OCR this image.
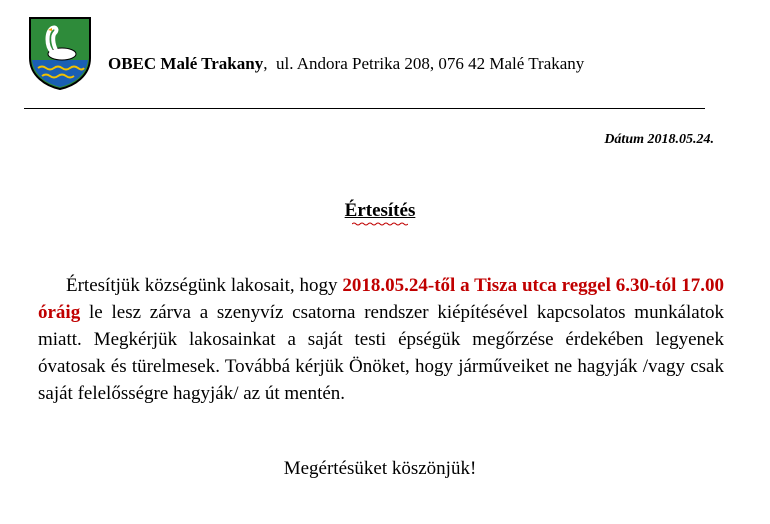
OBEC Malé Trakany,  ul. Andora Petrika 208, 076 42 Malé Trakany
Dátum 2018.05.24.
Értesítés
Értesítjük községünk lakosait, hogy 2018.05.24-től a Tisza utca reggel 6.30-tól 17.00 óráig le lesz zárva a szenyvíz csatorna rendszer kiépítésével kapcsolatos munkálatok miatt. Megkérjük lakosainkat a saját testi épségük megőrzése érdekében legyenek óvatosak és türelmesek. Továbbá kérjük Önöket, hogy járműveiket ne hagyják /vagy csak saját felelősségre hagyják/ az út mentén.
Megértésüket köszönjük!
